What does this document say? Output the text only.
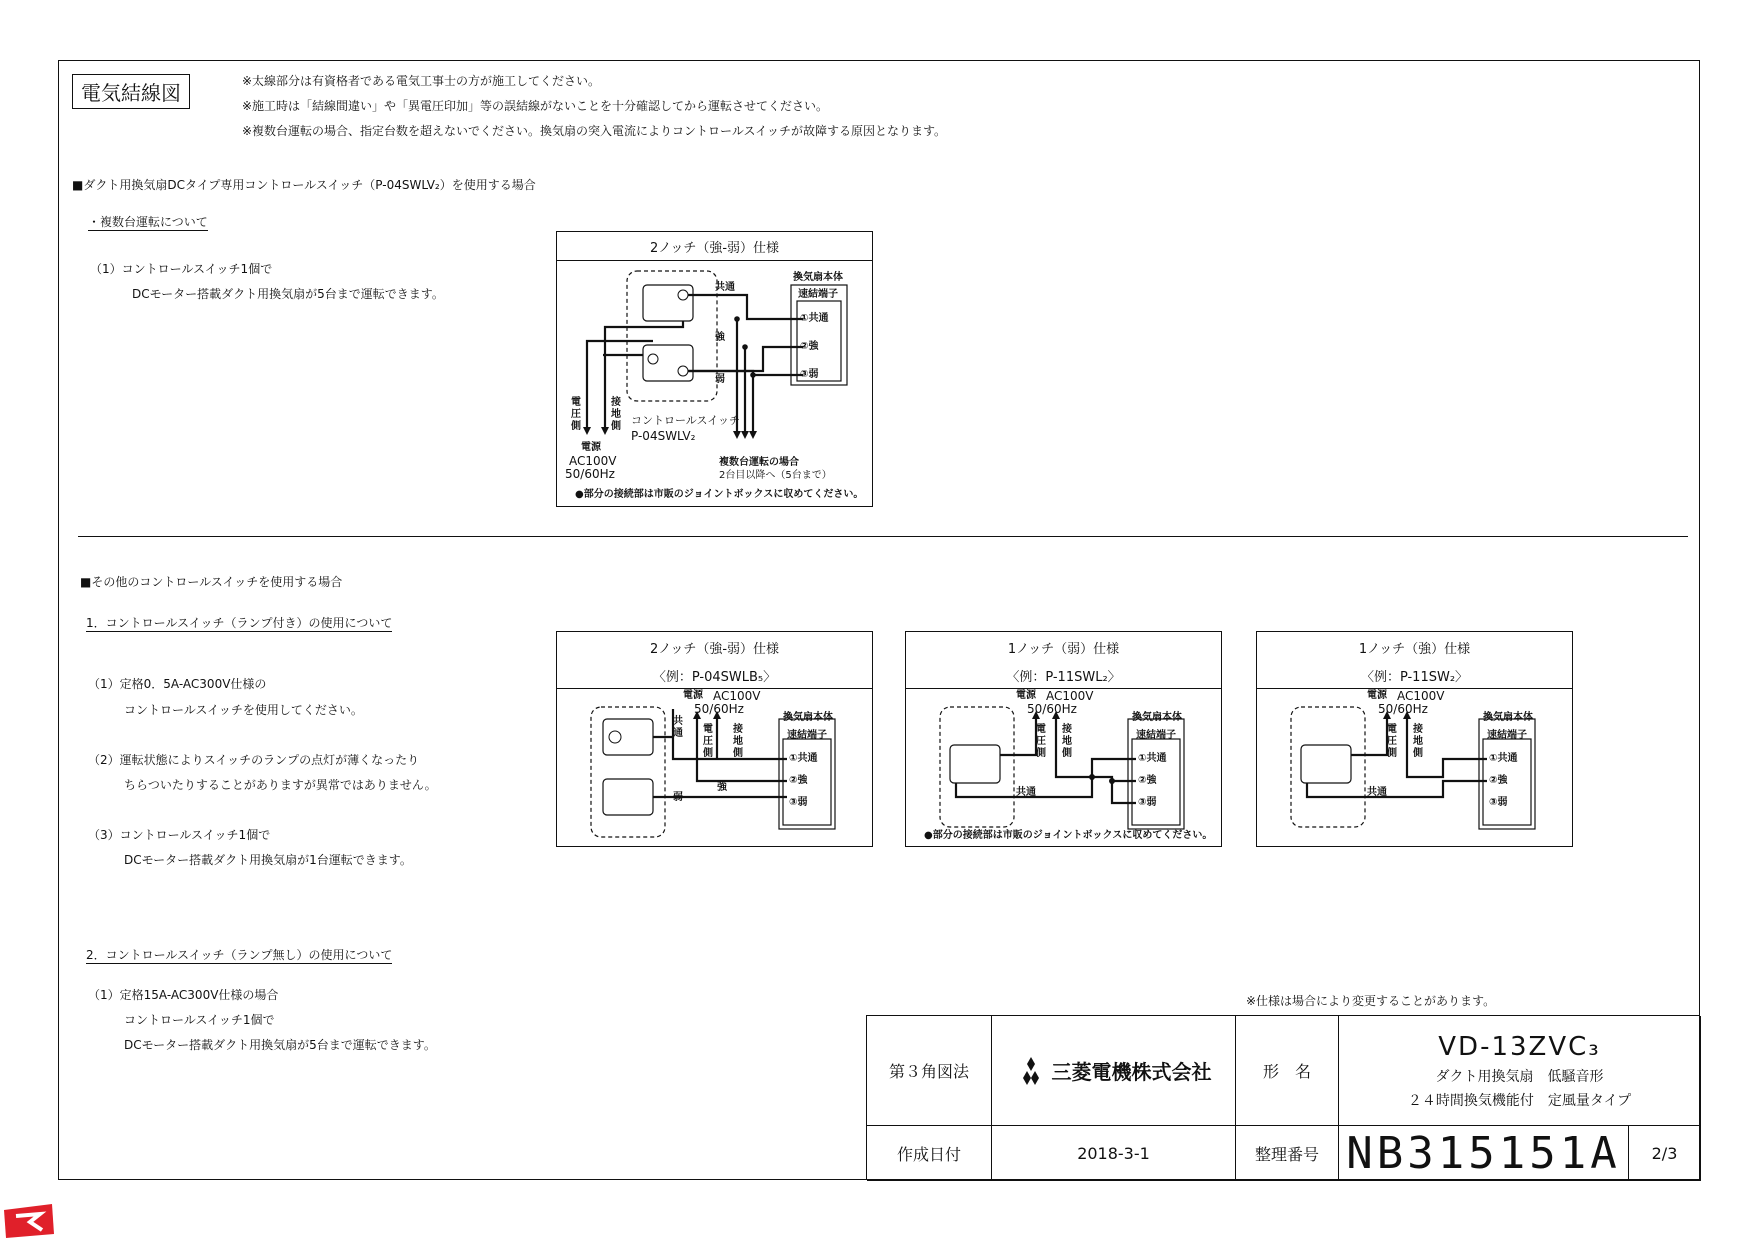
電気結線図	※太線部分は有資格者である電気工事士の方が施工してください。
※施工時は「結線間違い」や「異電圧印加」等の誤結線がないことを十分確認してから運転させてください。
※複数台運転の場合、指定台数を超えないでください。換気扇の突入電流によりコントロールスイッチが故障する原因となります。
■ダクト用換気扇DCタイプ専用コントロールスイッチ（P-04SWLV₂）を使用する場合
・複数台運転について
（1）コントロールスイッチ1個で
DCモーター搭載ダクト用換気扇が5台まで運転できます。
2ノッチ（強-弱）仕様
換気扇本体
速結端子
①共通
②強
③弱
共通
強
弱
電圧側
接地側
電源
AC100V
50/60Hz
コントロールスイッチ
P-04SWLV₂
複数台運転の場合
2台目以降へ（5台まで）
●部分の接続部は市販のジョイントボックスに収めてください。
■その他のコントロールスイッチを使用する場合
1．コントロールスイッチ（ランプ付き）の使用について
（1）定格0．5A-AC300V仕様の
コントロールスイッチを使用してください。
（2）運転状態によりスイッチのランプの点灯が薄くなったり
ちらついたりすることがありますが異常ではありません。
（3）コントロールスイッチ1個で
DCモーター搭載ダクト用換気扇が1台運転できます。
2．コントロールスイッチ（ランプ無し）の使用について
（1）定格15A-AC300V仕様の場合
コントロールスイッチ1個で
DCモーター搭載ダクト用換気扇が5台まで運転できます。
2ノッチ（強-弱）仕様
〈例：P-04SWLB₅〉
電源 AC100V
50/60Hz
換気扇本体
速結端子
①共通
②強
③弱
共通
強
弱
電圧側
接地側
1ノッチ（弱）仕様
〈例：P-11SWL₂〉
電源 AC100V
50/60Hz
換気扇本体
速結端子
①共通
②強
③弱
共通
電圧側
接地側
●部分の接続部は市販のジョイントボックスに収めてください。
1ノッチ（強）仕様
〈例：P-11SW₂〉
電源 AC100V
50/60Hz
換気扇本体
速結端子
①共通
②強
③弱
共通
電圧側
接地側
※仕様は場合により変更することがあります。
第３角図法	三菱電機株式会社	形　名
VD-13ZVC₃
ダクト用換気扇　低騒音形
２４時間換気機能付　定風量タイプ
作成日付	2018-3-1	整理番号 NB315151A 2/3
